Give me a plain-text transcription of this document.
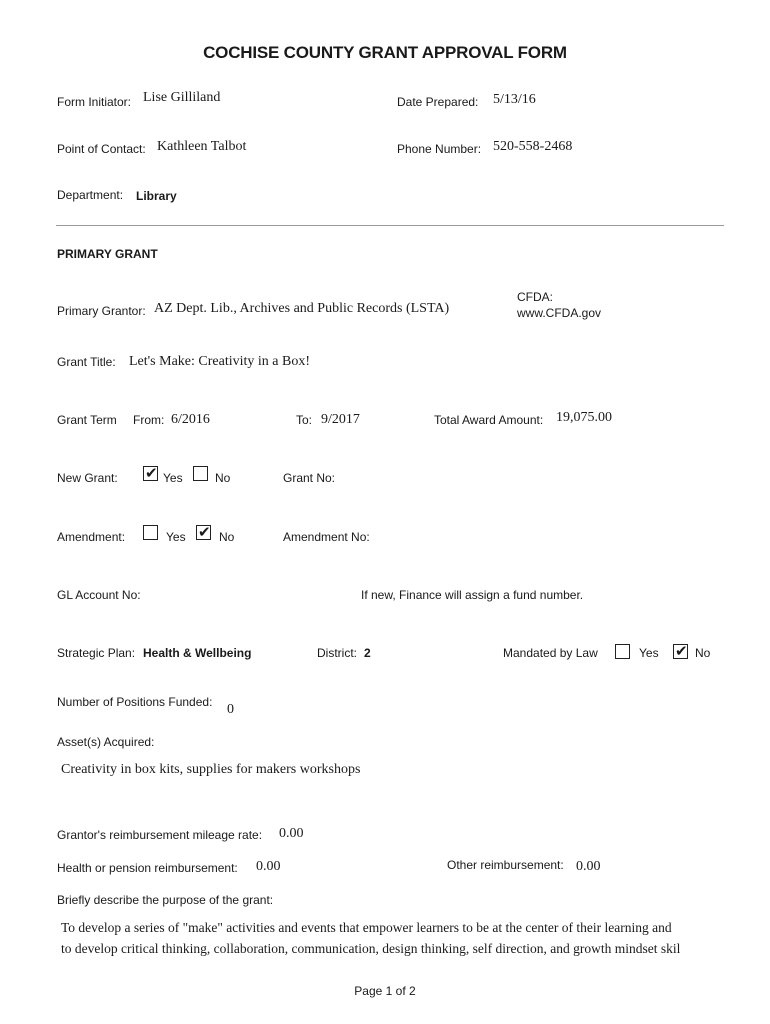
COCHISE COUNTY GRANT APPROVAL FORM
Form Initiator: Lise Gilliland	Date Prepared: 5/13/16
Point of Contact: Kathleen Talbot	Phone Number: 520-558-2468
Department: Library
PRIMARY GRANT
Primary Grantor: AZ Dept. Lib., Archives and Public Records (LSTA)
CFDA:
www.CFDA.gov
Grant Title: Let's Make: Creativity in a Box!
Grant Term From: 6/2016	To: 9/2017	Total Award Amount: 19,075.00
New Grant: ✔ Yes	No	Grant No:
Amendment:	Yes ✔ No	Amendment No:
GL Account No:	If new, Finance will assign a fund number.
Strategic Plan: Health & Wellbeing	District: 2	Mandated by Law	Yes ✔ No
Number of Positions Funded: 0
Asset(s) Acquired:
Creativity in box kits, supplies for makers workshops
Grantor's reimbursement mileage rate: 0.00
Health or pension reimbursement: 0.00	Other reimbursement: 0.00
Briefly describe the purpose of the grant:
To develop a series of "make" activities and events that empower learners to be at the center of their learning and
to develop critical thinking, collaboration, communication, design thinking, self direction, and growth mindset skil
Page 1 of 2
